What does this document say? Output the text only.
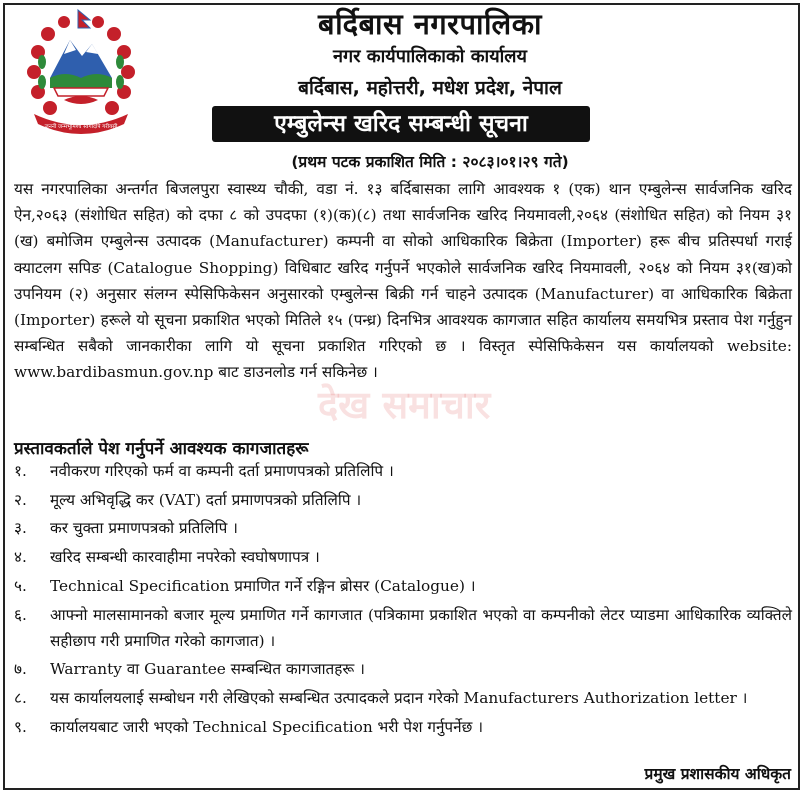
जननी जन्मभूमिश्च स्वर्गादपि गरीयसी
बर्दिबास नगरपालिका
नगर कार्यपालिकाको कार्यालय
बर्दिबास, महोत्तरी, मधेश प्रदेश, नेपाल
एम्बुलेन्स खरिद सम्बन्धी सूचना
(प्रथम पटक प्रकाशित मिति : २०८३।०१।२९ गते)
यस नगरपालिका अन्तर्गत बिजलपुरा स्वास्थ्य चौकी, वडा नं. १३ बर्दिबासका लागि आवश्यक १ (एक) थान एम्बुलेन्स सार्वजनिक खरिद ऐन,२०६३ (संशोधित सहित) को दफा ८ को उपदफा (१)(क)(८) तथा सार्वजनिक खरिद नियमावली,२०६४ (संशोधित सहित) को नियम ३१ (ख) बमोजिम एम्बुलेन्स उत्पादक (Manufacturer) कम्पनी वा सोको आधिकारिक बिक्रेता (Importer) हरू बीच प्रतिस्पर्धा गराई क्याटलग सपिङ (Catalogue Shopping) विधिबाट खरिद गर्नुपर्ने भएकोले सार्वजनिक खरिद नियमावली, २०६४ को नियम ३१(ख)को उपनियम (२) अनुसार संलग्न स्पेसिफिकेसन अनुसारको एम्बुलेन्स बिक्री गर्न चाहने उत्पादक (Manufacturer) वा आधिकारिक बिक्रेता (Importer) हरूले यो सूचना प्रकाशित भएको मितिले १५ (पन्ध्र) दिनभित्र आवश्यक कागजात सहित कार्यालय समयभित्र प्रस्ताव पेश गर्नुहुन सम्बन्धित सबैको जानकारीका लागि यो सूचना प्रकाशित गरिएको छ । विस्तृत स्पेसिफिकेसन यस कार्यालयको website: www.bardibasmun.gov.np बाट डाउनलोड गर्न सकिनेछ ।
देख समाचार
प्रस्तावकर्ताले पेश गर्नुपर्ने आवश्यक कागजातहरू
१.	नवीकरण गरिएको फर्म वा कम्पनी दर्ता प्रमाणपत्रको प्रतिलिपि ।
२.	मूल्य अभिवृद्धि कर (VAT) दर्ता प्रमाणपत्रको प्रतिलिपि ।
३.	कर चुक्ता प्रमाणपत्रको प्रतिलिपि ।
४.	खरिद सम्बन्धी कारवाहीमा नपरेको स्वघोषणापत्र ।
५.	Technical Specification प्रमाणित गर्ने रङ्गिन ब्रोसर (Catalogue) ।
६.	आफ्नो मालसामानको बजार मूल्य प्रमाणित गर्ने कागजात (पत्रिकामा प्रकाशित भएको वा कम्पनीको लेटर प्याडमा आधिकारिक व्यक्तिले सहीछाप गरी प्रमाणित गरेको कागजात) ।
७.	Warranty वा Guarantee सम्बन्धित कागजातहरू ।
८.	यस कार्यालयलाई सम्बोधन गरी लेखिएको सम्बन्धित उत्पादकले प्रदान गरेको Manufacturers Authorization letter ।
९.	कार्यालयबाट जारी भएको Technical Specification भरी पेश गर्नुपर्नेछ ।
प्रमुख प्रशासकीय अधिकृत
